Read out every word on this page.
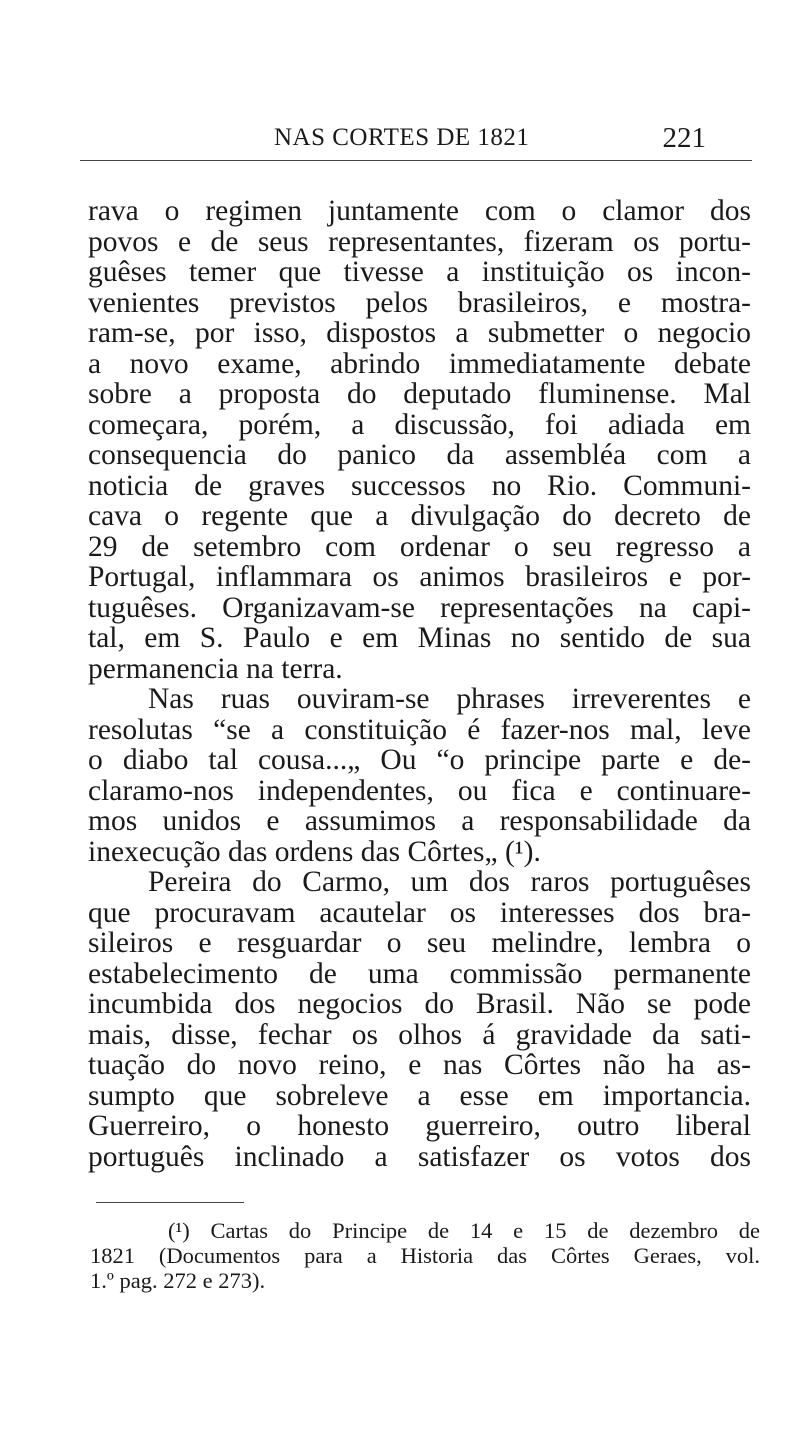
NAS CORTES DE 1821	221
rava o regimen juntamente com o clamor dos
povos e de seus representantes, fizeram os portu-
guêses temer que tivesse a instituição os incon-
venientes previstos pelos brasileiros, e mostra-
ram-se, por isso, dispostos a submetter o negocio
a novo exame, abrindo immediatamente debate
sobre a proposta do deputado fluminense. Mal
começara, porém, a discussão, foi adiada em
consequencia do panico da assembléa com a
noticia de graves successos no Rio. Communi-
cava o regente que a divulgação do decreto de
29 de setembro com ordenar o seu regresso a
Portugal, inflammara os animos brasileiros e por-
tuguêses. Organizavam-se representações na capi-
tal, em S. Paulo e em Minas no sentido de sua
permanencia na terra.
Nas ruas ouviram-se phrases irreverentes e
resolutas “se a constituição é fazer-nos mal, leve
o diabo tal cousa...„ Ou “o principe parte e de-
claramo-nos independentes, ou fica e continuare-
mos unidos e assumimos a responsabilidade da
inexecução das ordens das Côrtes„ (¹).
Pereira do Carmo, um dos raros portuguêses
que procuravam acautelar os interesses dos bra-
sileiros e resguardar o seu melindre, lembra o
estabelecimento de uma commissão permanente
incumbida dos negocios do Brasil. Não se pode
mais, disse, fechar os olhos á gravidade da sati-
tuação do novo reino, e nas Côrtes não ha as-
sumpto que sobreleve a esse em importancia.
Guerreiro, o honesto guerreiro, outro liberal
português inclinado a satisfazer os votos dos
(¹) Cartas do Principe de 14 e 15 de dezembro de
1821 (Documentos para a Historia das Côrtes Geraes, vol.
1.º pag. 272 e 273).
